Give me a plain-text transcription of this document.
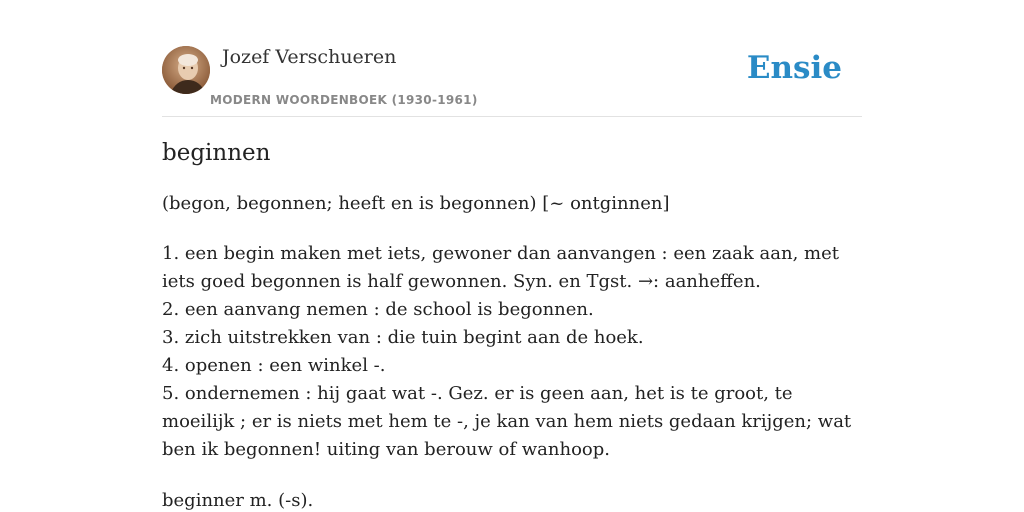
Jozef Verschueren
MODERN WOORDENBOEK (1930-1961)
Ensie
beginnen
(begon, begonnen; heeft en is begonnen) [~ ontginnen]
1. een begin maken met iets, gewoner dan aanvangen : een zaak aan, met iets goed begonnen is half gewonnen. Syn. en Tgst. →: aanheffen.
2. een aanvang nemen : de school is begonnen.
3. zich uitstrekken van : die tuin begint aan de hoek.
4. openen : een winkel -.
5. ondernemen : hij gaat wat -. Gez. er is geen aan, het is te groot, te moeilijk ; er is niets met hem te -, je kan van hem niets gedaan krijgen; wat ben ik begonnen! uiting van berouw of wanhoop.
beginner m. (-s).
